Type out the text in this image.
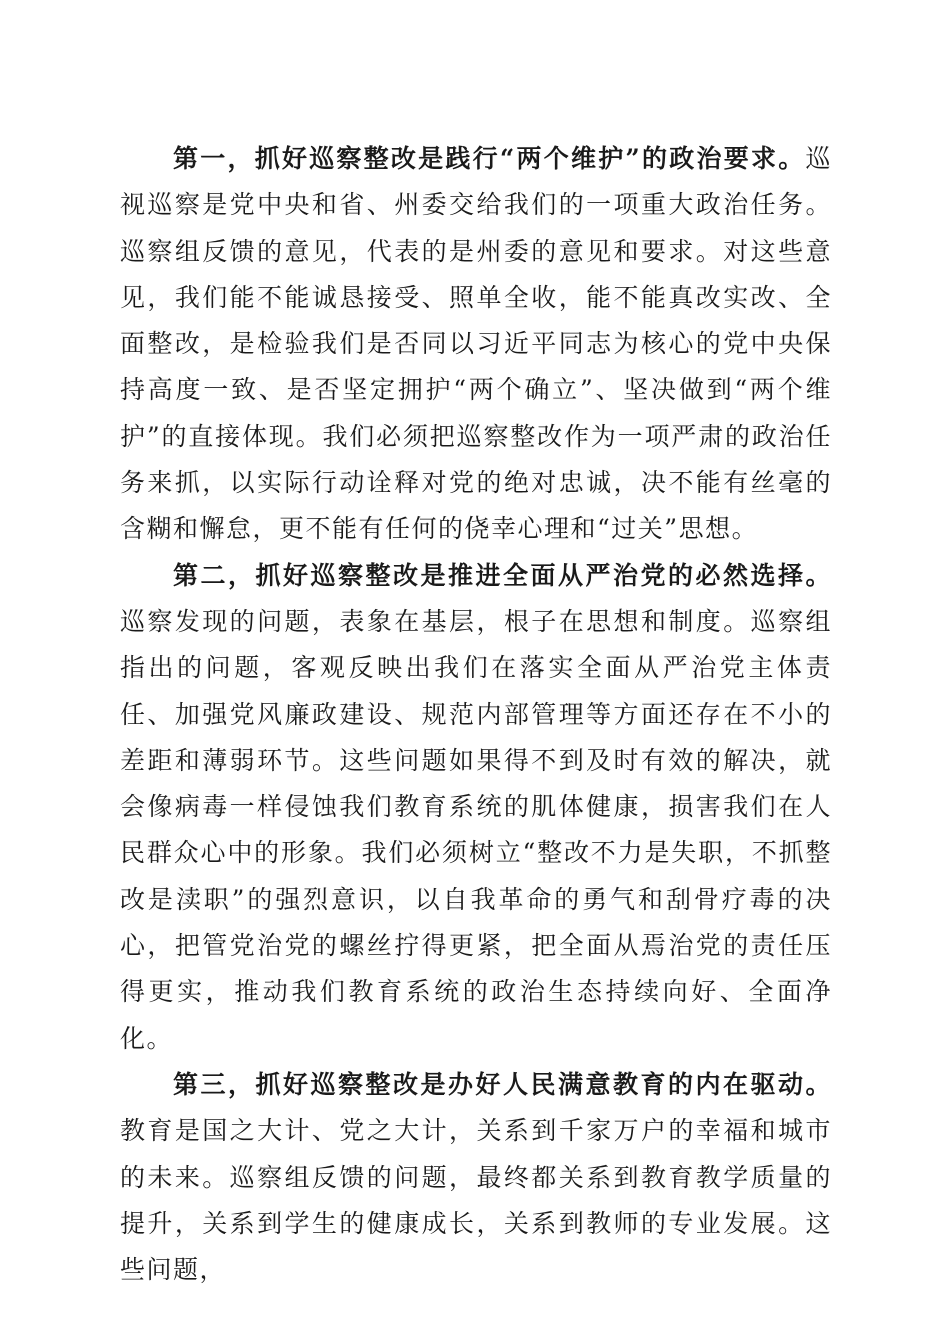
第一，抓好巡察整改是践行“两个维护”的政治要求。巡视巡察是党中央和省、州委交给我们的一项重大政治任务。巡察组反馈的意见，代表的是州委的意见和要求。对这些意见，我们能不能诚恳接受、照单全收，能不能真改实改、全面整改，是检验我们是否同以习近平同志为核心的党中央保持高度一致、是否坚定拥护“两个确立”、坚决做到“两个维护”的直接体现。我们必须把巡察整改作为一项严肃的政治任务来抓，以实际行动诠释对党的绝对忠诚，决不能有丝毫的含糊和懈怠，更不能有任何的侥幸心理和“过关”思想。

第二，抓好巡察整改是推进全面从严治党的必然选择。巡察发现的问题，表象在基层，根子在思想和制度。巡察组指出的问题，客观反映出我们在落实全面从严治党主体责任、加强党风廉政建设、规范内部管理等方面还存在不小的差距和薄弱环节。这些问题如果得不到及时有效的解决，就会像病毒一样侵蚀我们教育系统的肌体健康，损害我们在人民群众心中的形象。我们必须树立“整改不力是失职，不抓整改是渎职”的强烈意识，以自我革命的勇气和刮骨疗毒的决心，把管党治党的螺丝拧得更紧，把全面从焉治党的责任压得更实，推动我们教育系统的政治生态持续向好、全面净化。

第三，抓好巡察整改是办好人民满意教育的内在驱动。教育是国之大计、党之大计，关系到千家万户的幸福和城市的未来。巡察组反馈的问题，最终都关系到教育教学质量的提升，关系到学生的健康成长，关系到教师的专业发展。这些问题，
